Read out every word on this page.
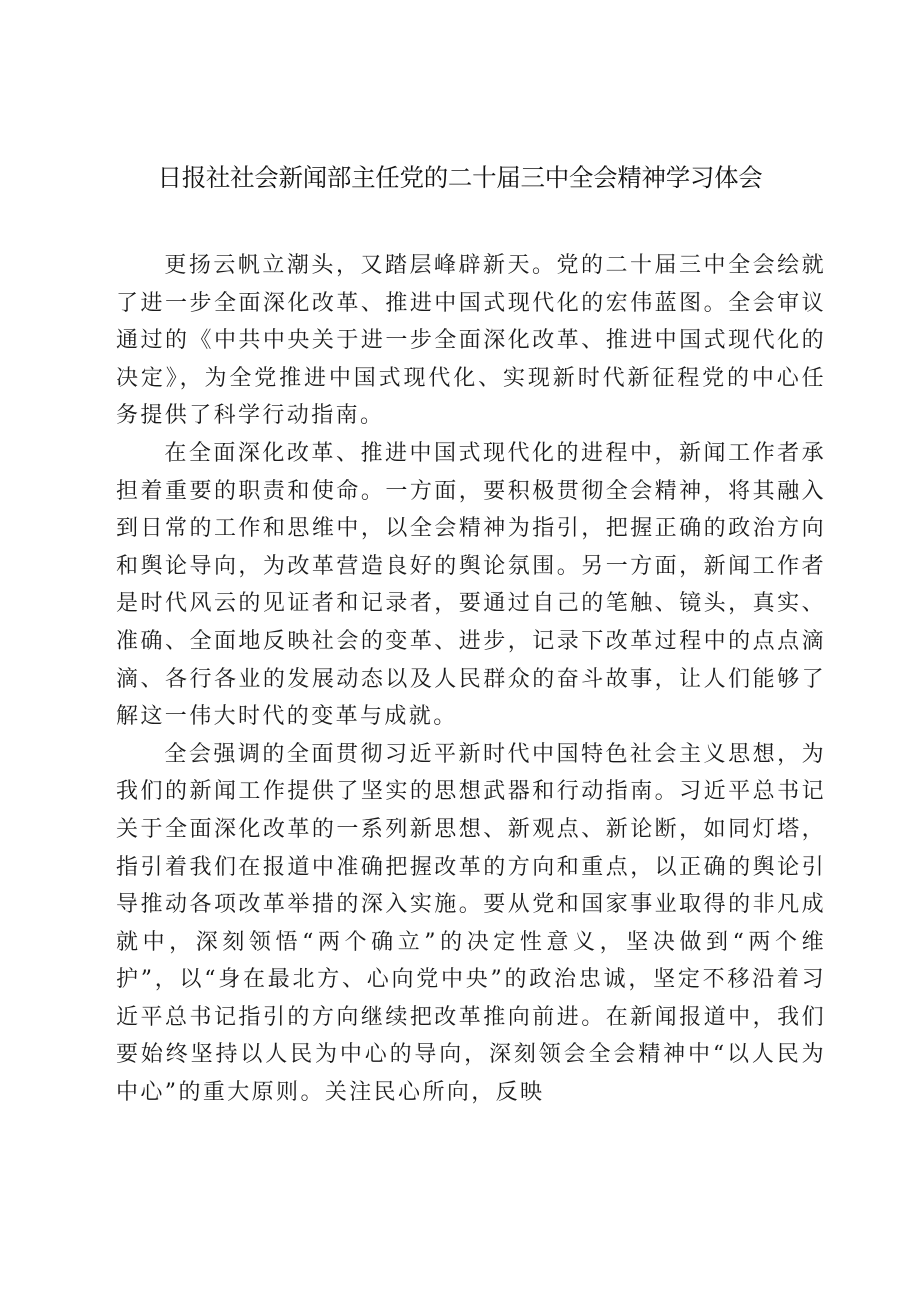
日报社社会新闻部主任党的二十届三中全会精神学习体会

更扬云帆立潮头，又踏层峰辟新天。党的二十届三中全会绘就了进一步全面深化改革、推进中国式现代化的宏伟蓝图。全会审议通过的《中共中央关于进一步全面深化改革、推进中国式现代化的决定》，为全党推进中国式现代化、实现新时代新征程党的中心任务提供了科学行动指南。

在全面深化改革、推进中国式现代化的进程中，新闻工作者承担着重要的职责和使命。一方面，要积极贯彻全会精神，将其融入到日常的工作和思维中，以全会精神为指引，把握正确的政治方向和舆论导向，为改革营造良好的舆论氛围。另一方面，新闻工作者是时代风云的见证者和记录者，要通过自己的笔触、镜头，真实、准确、全面地反映社会的变革、进步，记录下改革过程中的点点滴滴、各行各业的发展动态以及人民群众的奋斗故事，让人们能够了解这一伟大时代的变革与成就。

全会强调的全面贯彻习近平新时代中国特色社会主义思想，为我们的新闻工作提供了坚实的思想武器和行动指南。习近平总书记关于全面深化改革的一系列新思想、新观点、新论断，如同灯塔，指引着我们在报道中准确把握改革的方向和重点，以正确的舆论引导推动各项改革举措的深入实施。要从党和国家事业取得的非凡成就中，深刻领悟“两个确立”的决定性意义，坚决做到“两个维护”，以“身在最北方、心向党中央”的政治忠诚，坚定不移沿着习近平总书记指引的方向继续把改革推向前进。在新闻报道中，我们要始终坚持以人民为中心的导向，深刻领会全会精神中“以人民为中心”的重大原则。关注民心所向，反映
